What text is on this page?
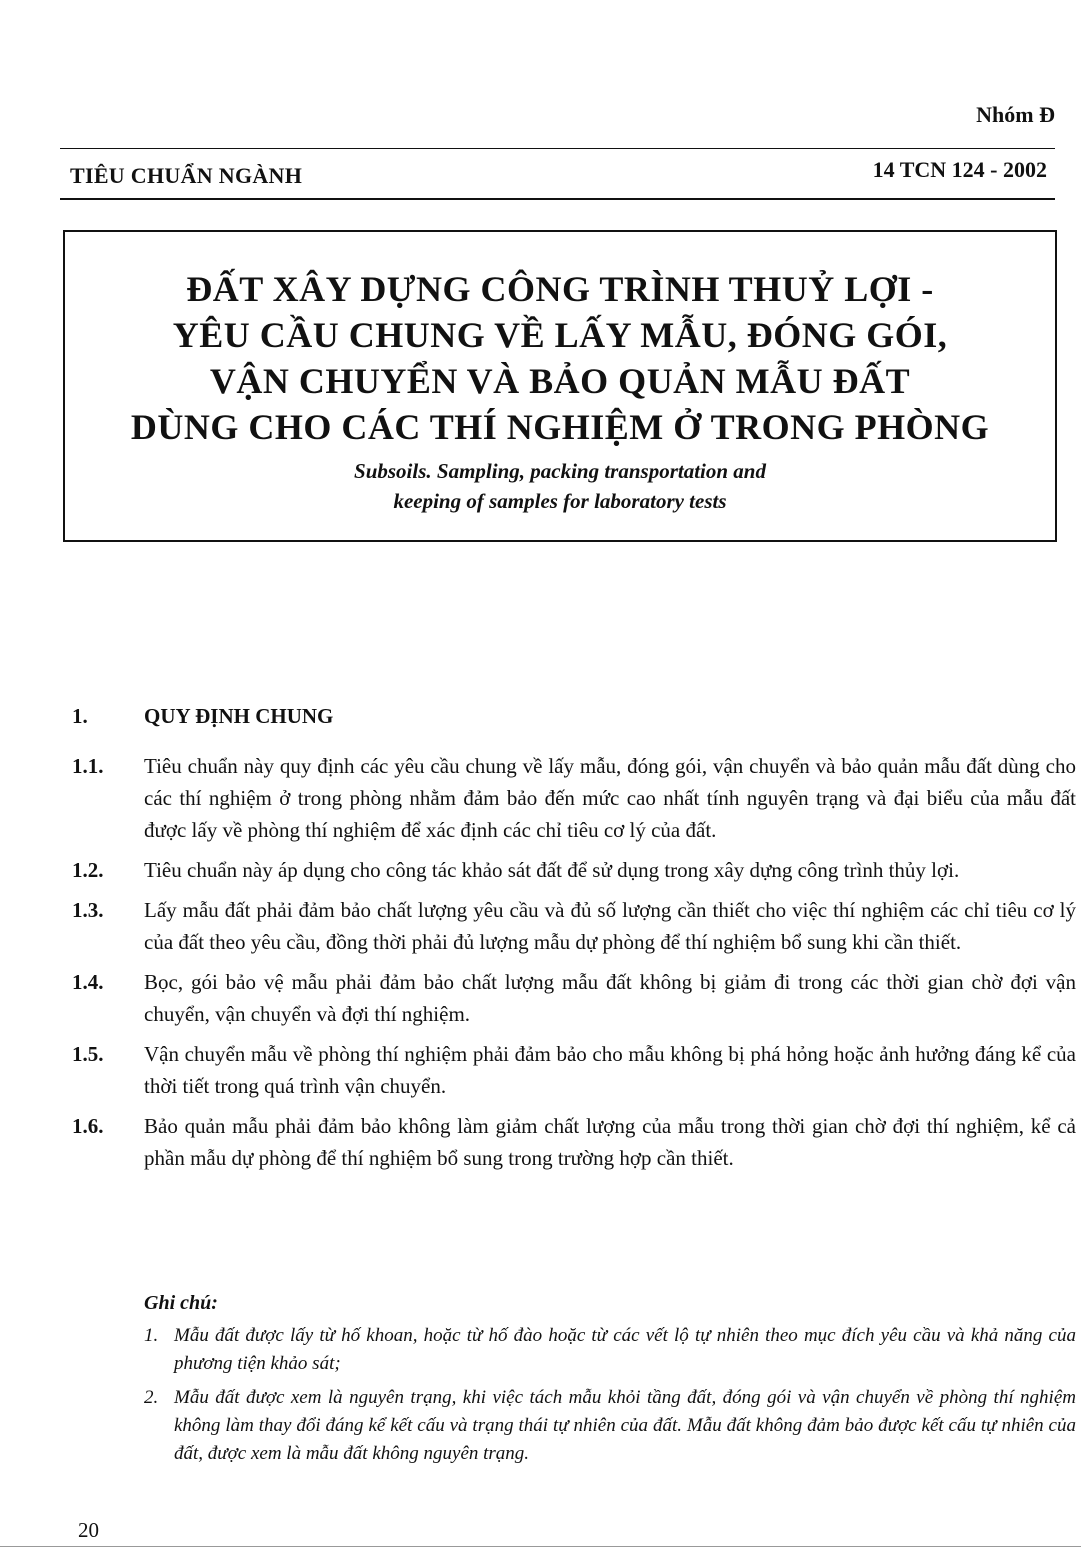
Nhóm Đ
TIÊU CHUẨN NGÀNH	14 TCN 124 - 2002
ĐẤT XÂY DỰNG CÔNG TRÌNH THUỶ LỢI -
YÊU CẦU CHUNG VỀ LẤY MẪU, ĐÓNG GÓI,
VẬN CHUYỂN VÀ BẢO QUẢN MẪU ĐẤT
DÙNG CHO CÁC THÍ NGHIỆM Ở TRONG PHÒNG
Subsoils. Sampling, packing transportation and
keeping of samples for laboratory tests
1.	QUY ĐỊNH CHUNG
1.1.	Tiêu chuẩn này quy định các yêu cầu chung về lấy mẫu, đóng gói, vận chuyển và bảo quản mẫu đất dùng cho các thí nghiệm ở trong phòng nhằm đảm bảo đến mức cao nhất tính nguyên trạng và đại biểu của mẫu đất được lấy về phòng thí nghiệm để xác định các chỉ tiêu cơ lý của đất.
1.2.	Tiêu chuẩn này áp dụng cho công tác khảo sát đất để sử dụng trong xây dựng công trình thủy lợi.
1.3.	Lấy mẫu đất phải đảm bảo chất lượng yêu cầu và đủ số lượng cần thiết cho việc thí nghiệm các chỉ tiêu cơ lý của đất theo yêu cầu, đồng thời phải đủ lượng mẫu dự phòng để thí nghiệm bổ sung khi cần thiết.
1.4.	Bọc, gói bảo vệ mẫu phải đảm bảo chất lượng mẫu đất không bị giảm đi trong các thời gian chờ đợi vận chuyển, vận chuyển và đợi thí nghiệm.
1.5.	Vận chuyển mẫu về phòng thí nghiệm phải đảm bảo cho mẫu không bị phá hỏng hoặc ảnh hưởng đáng kể của thời tiết trong quá trình vận chuyển.
1.6.	Bảo quản mẫu phải đảm bảo không làm giảm chất lượng của mẫu trong thời gian chờ đợi thí nghiệm, kể cả phần mẫu dự phòng để thí nghiệm bổ sung trong trường hợp cần thiết.
Ghi chú:
1. Mẫu đất được lấy từ hố khoan, hoặc từ hố đào hoặc từ các vết lộ tự nhiên theo mục đích yêu cầu và khả năng của phương tiện khảo sát;
2. Mẫu đất được xem là nguyên trạng, khi việc tách mẫu khỏi tầng đất, đóng gói và vận chuyển về phòng thí nghiệm không làm thay đổi đáng kể kết cấu và trạng thái tự nhiên của đất. Mẫu đất không đảm bảo được kết cấu tự nhiên của đất, được xem là mẫu đất không nguyên trạng.
20
